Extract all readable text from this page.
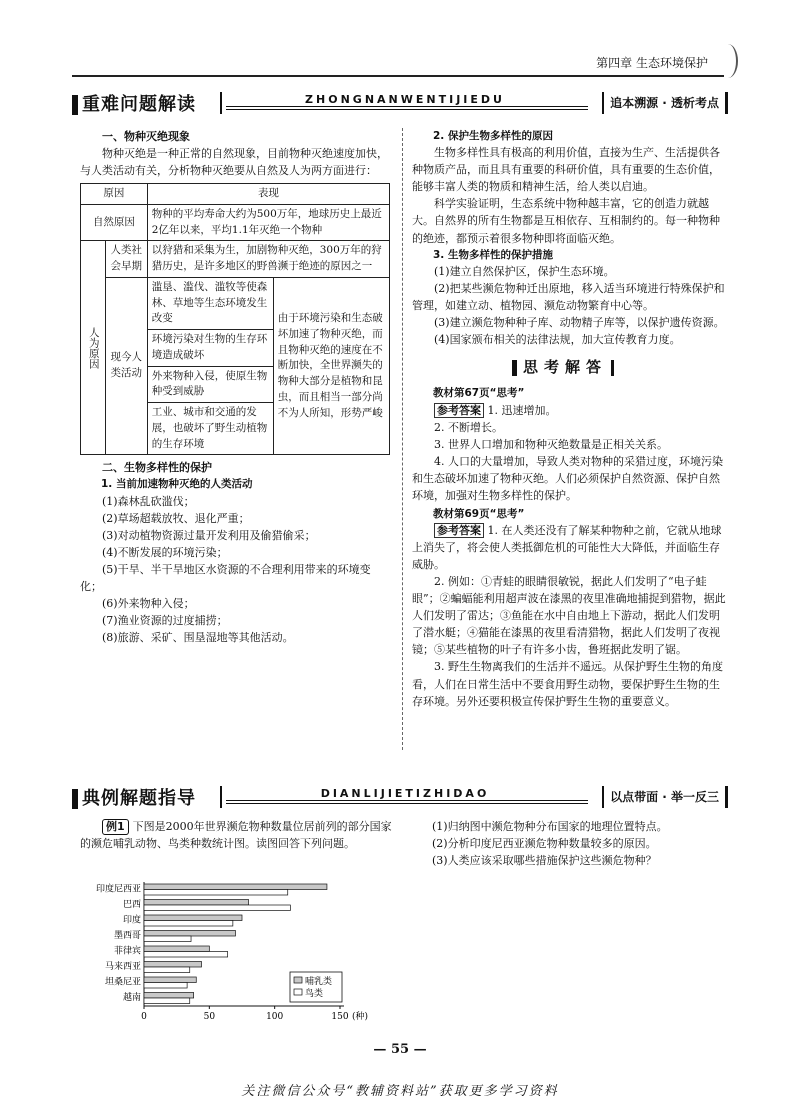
第四章 生态环境保护
重难问题解读	ZHONGNANWENTIJIEDU	追本溯源 · 透析考点
一、物种灭绝现象

物种灭绝是一种正常的自然现象，目前物种灭绝速度加快，与人类活动有关，分析物种灭绝要从自然及人为两方面进行：

原因		表现	
自然原因		物种的平均寿命大约为500万年，地球历史上最近2亿年以来，平均1.1年灭绝一个物种	
人为原因	人类社会早期	以狩猎和采集为生，加剧物种灭绝，300万年的狩猎历史，是许多地区的野兽濒于绝迹的原因之一	
	现今人类活动	滥垦、滥伐、滥牧等使森林、草地等生态环境发生改变	由于环境污染和生态破坏加速了物种灭绝，而且物种灭绝的速度在不断加快，全世界濒失的物种大部分是植物和昆虫，而且相当一部分尚不为人所知，形势严峻
		环境污染对生物的生存环境造成破坏	
		外来物种入侵，使原生物种受到威胁	
		工业、城市和交通的发展，也破坏了野生动植物的生存环境	
二、生物多样性的保护
1. 当前加速物种灭绝的人类活动
(1)森林乱砍滥伐；
(2)草场超载放牧、退化严重；
(3)对动植物资源过量开发利用及偷猎偷采；
(4)不断发展的环境污染；
(5)干旱、半干旱地区水资源的不合理利用带来的环境变化；
(6)外来物种入侵；
(7)渔业资源的过度捕捞；
(8)旅游、采矿、围垦湿地等其他活动。
2. 保护生物多样性的原因

生物多样性具有极高的利用价值，直接为生产、生活提供各种物质产品，而且具有重要的科研价值，具有重要的生态价值，能够丰富人类的物质和精神生活，给人类以启迪。

科学实验证明，生态系统中物种越丰富，它的创造力就越大。自然界的所有生物都是互相依存、互相制约的。每一种物种的绝迹，都预示着很多物种即将面临灭绝。

3. 生物多样性的保护措施
(1)建立自然保护区，保护生态环境。
(2)把某些濒危物种迁出原地，移入适当环境进行特殊保护和管理，如建立动、植物园、濒危动物繁育中心等。
(3)建立濒危物种种子库、动物精子库等，以保护遗传资源。
(4)国家颁布相关的法律法规，加大宣传教育力度。
思考解答
教材第67页“思考”
参考答案 1. 迅速增加。
2. 不断增长。
3. 世界人口增加和物种灭绝数量是正相关关系。
4. 人口的大量增加，导致人类对物种的采猎过度，环境污染和生态破坏加速了物种灭绝。人们必须保护自然资源、保护自然环境，加强对生物多样性的保护。
教材第69页“思考”
参考答案 1. 在人类还没有了解某种物种之前，它就从地球上消失了，将会使人类抵御危机的可能性大大降低，并面临生存威胁。
2. 例如：①青蛙的眼睛很敏锐，据此人们发明了“电子蛙眼”；②蝙蝠能利用超声波在漆黑的夜里准确地捕捉到猎物，据此人们发明了雷达；③鱼能在水中自由地上下游动，据此人们发明了潜水艇；④猫能在漆黑的夜里看清猎物，据此人们发明了夜视镜；⑤某些植物的叶子有许多小齿，鲁班据此发明了锯。
3. 野生生物离我们的生活并不遥远。从保护野生生物的角度看，人们在日常生活中不要食用野生动物，要保护野生生物的生存环境。另外还要积极宣传保护野生生物的重要意义。
典例解题指导	DIANLIJIETIZHIDAO	以点带面 · 举一反三

例1 下图是2000年世界濒危物种数量位居前列的部分国家的濒危哺乳动物、鸟类种数统计图。读图回答下列问题。

(1)归纳图中濒危物种分布国家的地理位置特点。
(2)分析印度尼西亚濒危物种数量较多的原因。
(3)人类应该采取哪些措施保护这些濒危物种？
印度尼西亚
巴西
印度
墨西哥
菲律宾
马来西亚
坦桑尼亚
越南
0	50	100	150 (种)
哺乳类
鸟类
— 55 —
关注微信公众号“教辅资料站”获取更多学习资料
